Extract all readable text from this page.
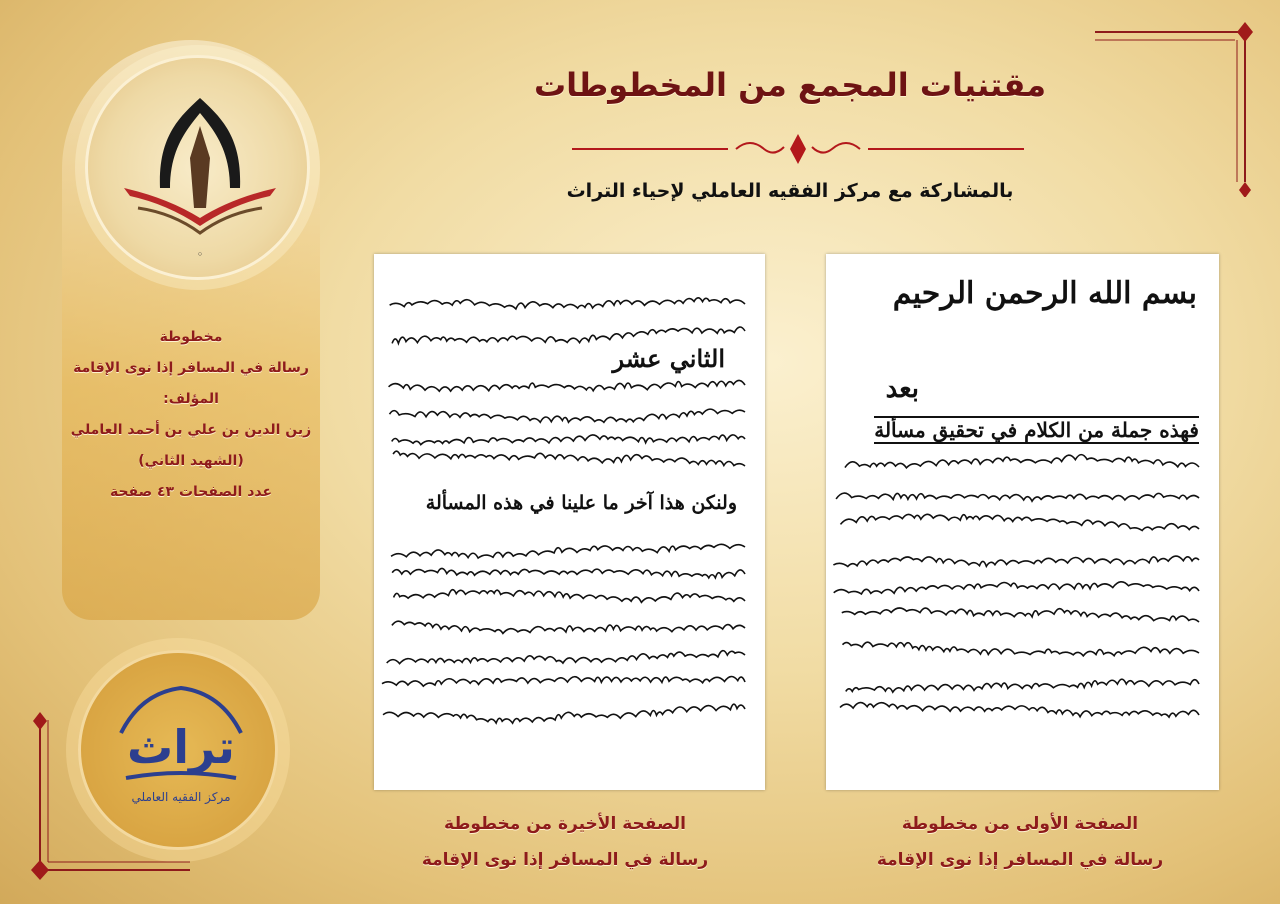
◦
تراث
مركز الفقيه العاملي
مخطوطة
رسالة في المسافر إذا نوى الإقامة
المؤلف:
زين الدين بن علي بن أحمد العاملي
(الشهيد الثاني)
عدد الصفحات ٤٣ صفحة
مقتنيات المجمع من المخطوطات
بالمشاركة مع مركز الفقيه العاملي لإحياء التراث
الثاني عشر
ولنكن هذا آخر ما علينا في هذه المسألة
بسم الله الرحمن الرحيم
بعد
فهذه جملة من الكلام في تحقيق مسألة
الصفحة الأخيرة من مخطوطة
رسالة في المسافر إذا نوى الإقامة
الصفحة الأولى من مخطوطة
رسالة في المسافر إذا نوى الإقامة
